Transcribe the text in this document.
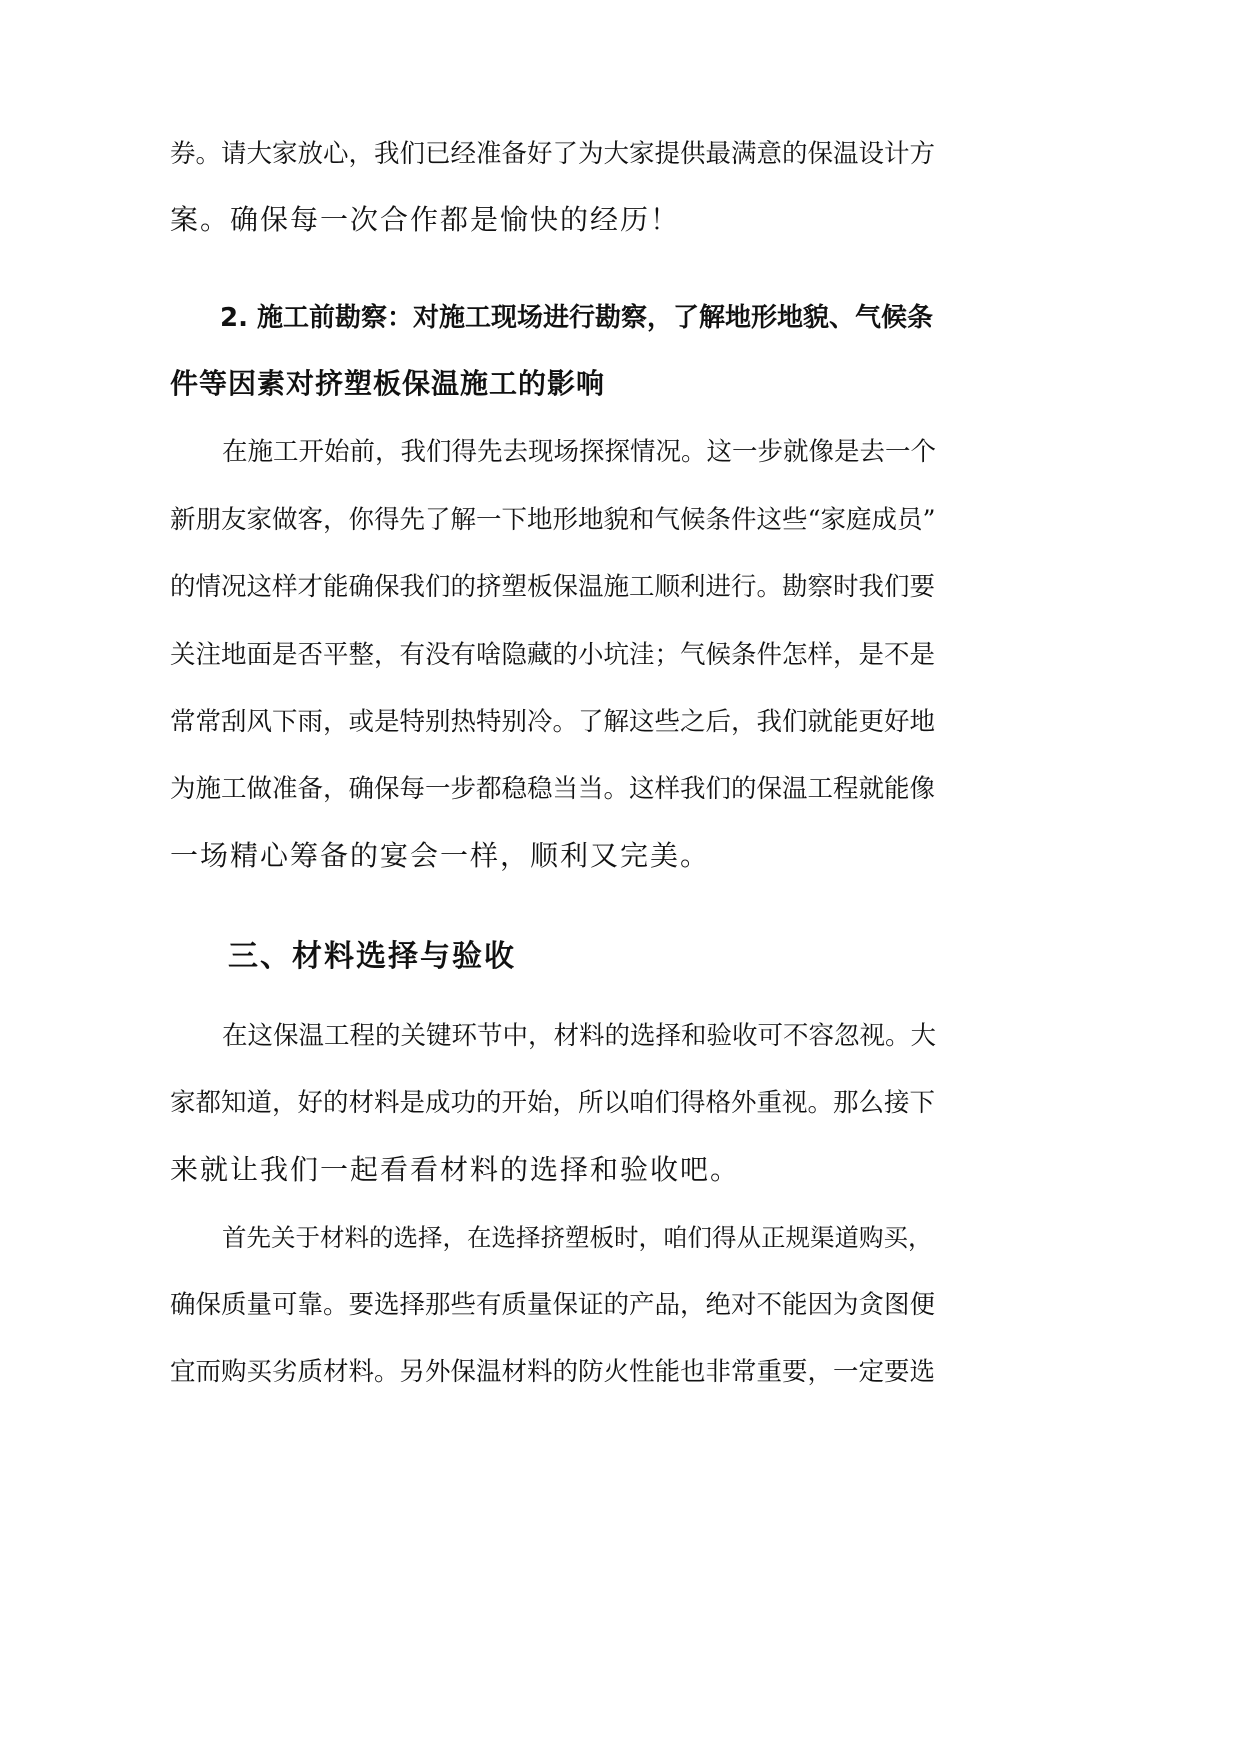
券。请大家放心，我们已经准备好了为大家提供最满意的保温设计方
案。确保每一次合作都是愉快的经历！
2. 施工前勘察：对施工现场进行勘察，了解地形地貌、气候条
件等因素对挤塑板保温施工的影响
在施工开始前，我们得先去现场探探情况。这一步就像是去一个
新朋友家做客，你得先了解一下地形地貌和气候条件这些“家庭成员”
的情况这样才能确保我们的挤塑板保温施工顺利进行。勘察时我们要
关注地面是否平整，有没有啥隐藏的小坑洼；气候条件怎样，是不是
常常刮风下雨，或是特别热特别冷。了解这些之后，我们就能更好地
为施工做准备，确保每一步都稳稳当当。这样我们的保温工程就能像
一场精心筹备的宴会一样，顺利又完美。
三、材料选择与验收
在这保温工程的关键环节中，材料的选择和验收可不容忽视。大
家都知道，好的材料是成功的开始，所以咱们得格外重视。那么接下
来就让我们一起看看材料的选择和验收吧。
首先关于材料的选择，在选择挤塑板时，咱们得从正规渠道购买，
确保质量可靠。要选择那些有质量保证的产品，绝对不能因为贪图便
宜而购买劣质材料。另外保温材料的防火性能也非常重要，一定要选
